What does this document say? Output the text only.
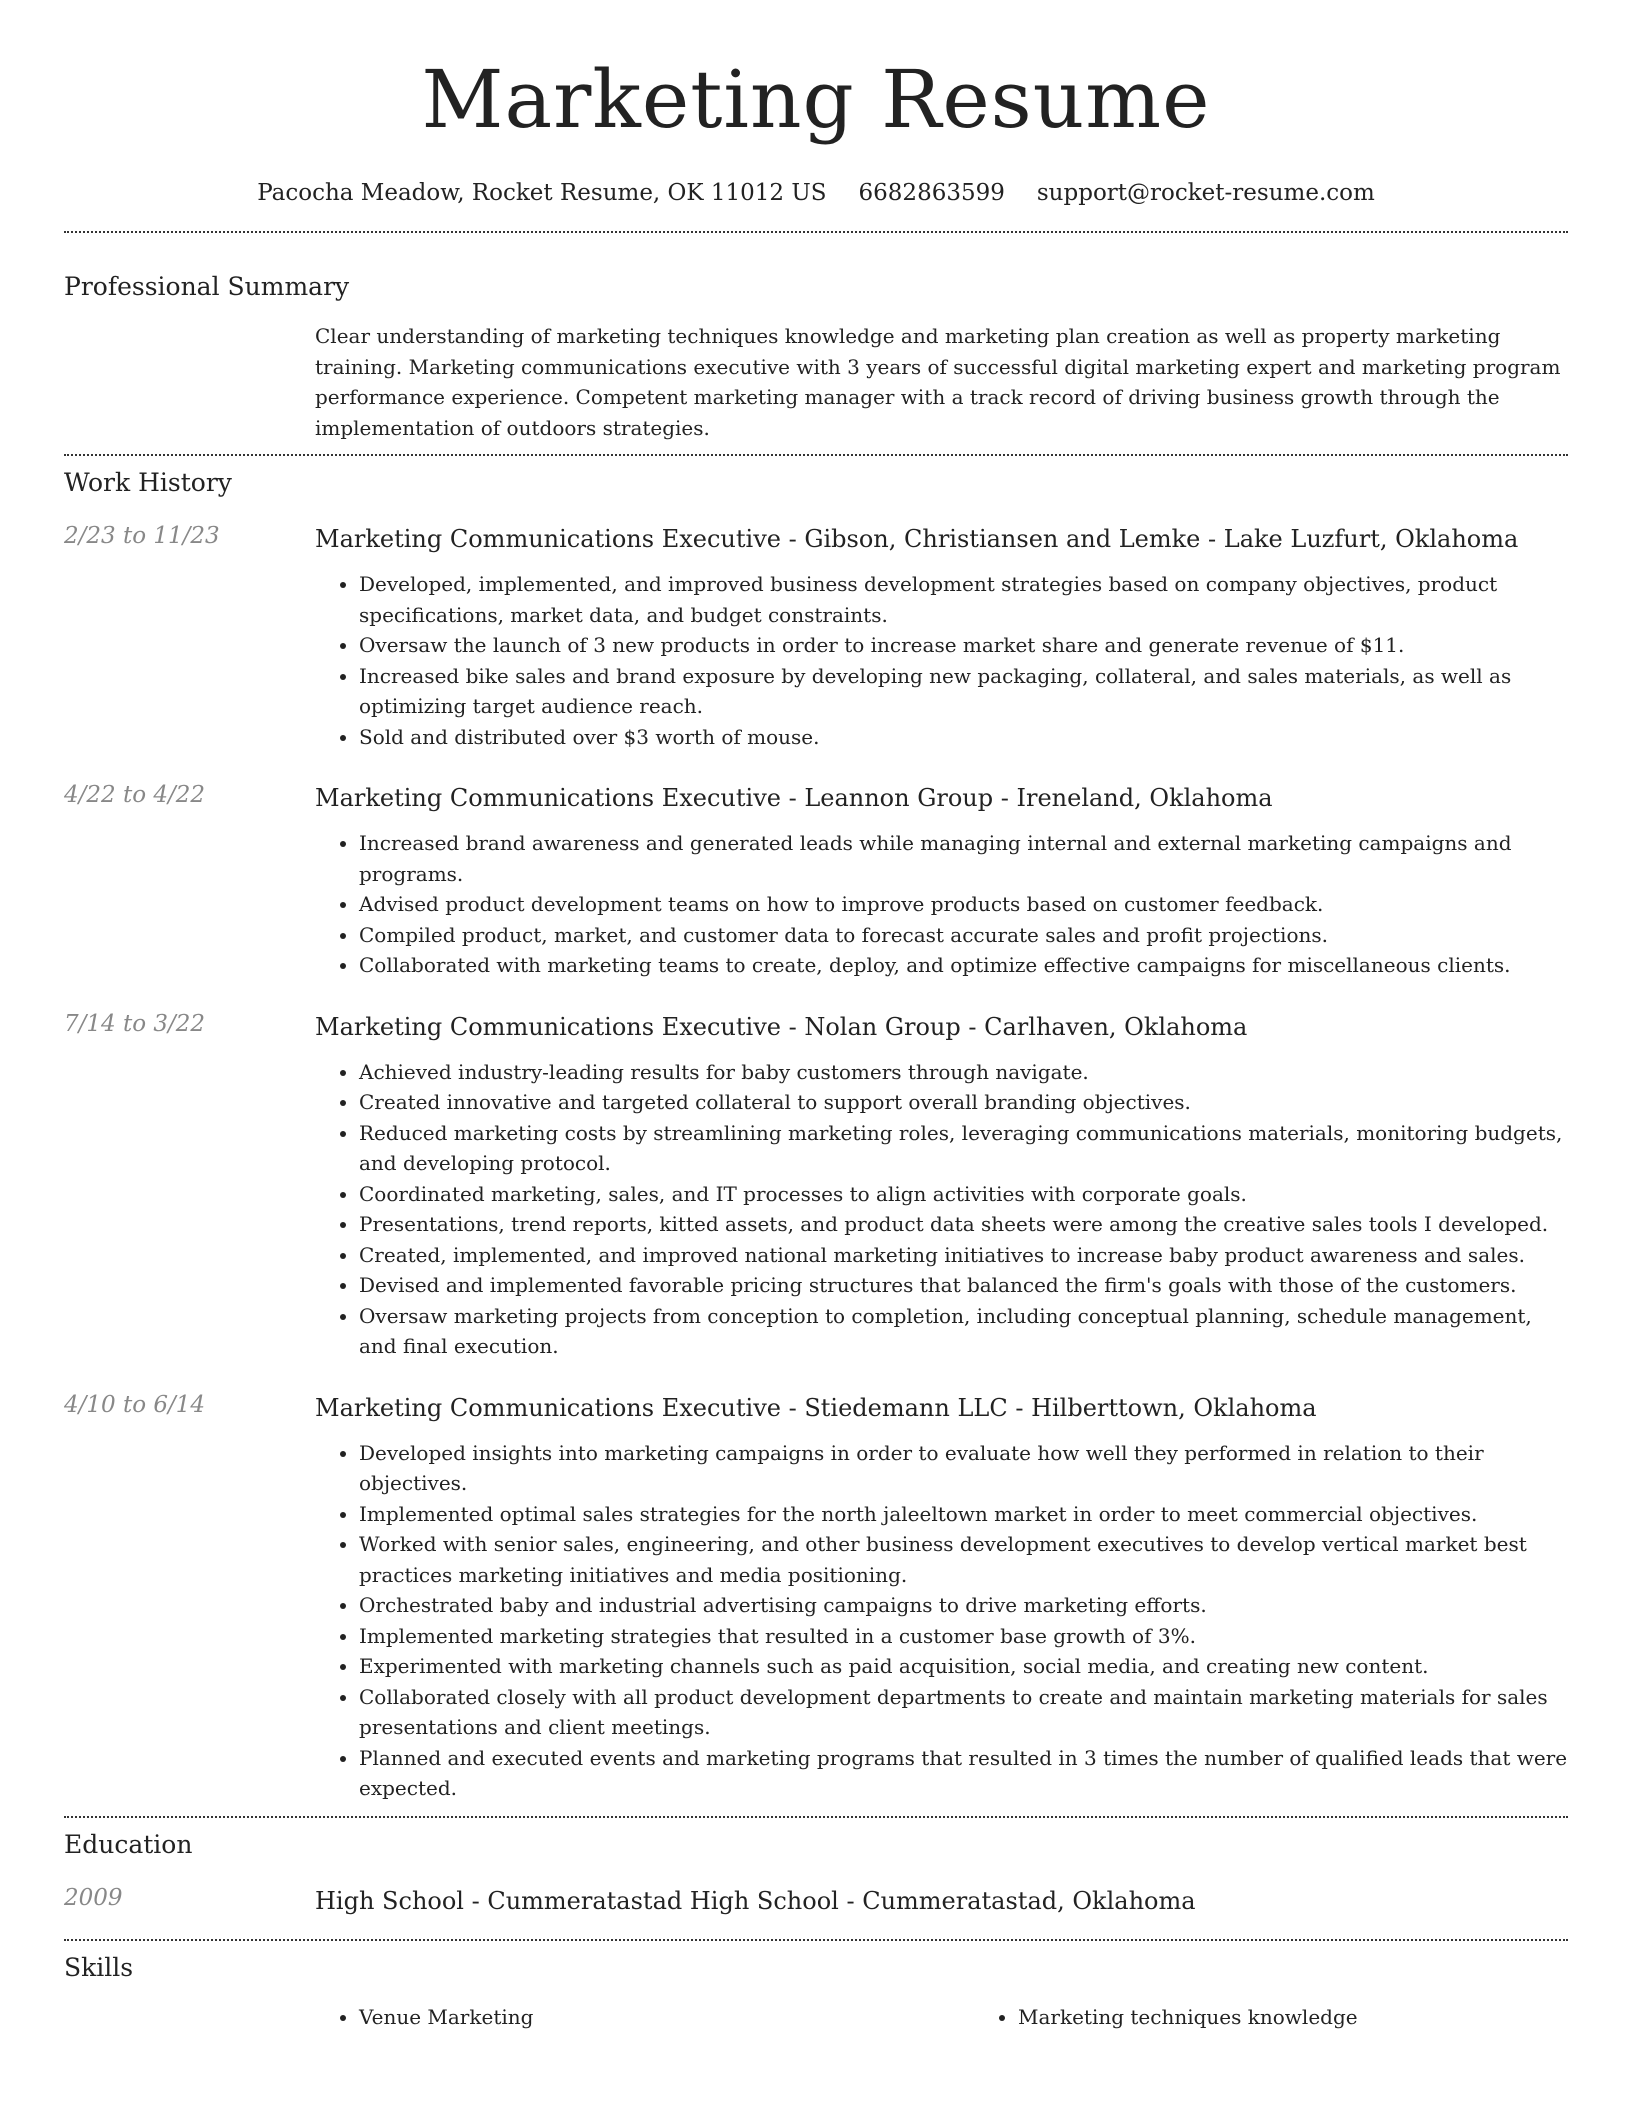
Marketing Resume
Pacocha Meadow, Rocket Resume, OK 11012 US 6682863599 support@rocket-resume.com
Professional Summary

Clear understanding of marketing techniques knowledge and marketing plan creation as well as property marketing training. Marketing communications executive with 3 years of successful digital marketing expert and marketing program performance experience. Competent marketing manager with a track record of driving business growth through the implementation of outdoors strategies.

Work History
2/23 to 11/23	Marketing Communications Executive - Gibson, Christiansen and Lemke - Lake Luzfurt, Oklahoma
• Developed, implemented, and improved business development strategies based on company objectives, product specifications, market data, and budget constraints.
• Oversaw the launch of 3 new products in order to increase market share and generate revenue of $11.
• Increased bike sales and brand exposure by developing new packaging, collateral, and sales materials, as well as optimizing target audience reach.
• Sold and distributed over $3 worth of mouse.
4/22 to 4/22	Marketing Communications Executive - Leannon Group - Ireneland, Oklahoma
• Increased brand awareness and generated leads while managing internal and external marketing campaigns and programs.
• Advised product development teams on how to improve products based on customer feedback.
• Compiled product, market, and customer data to forecast accurate sales and profit projections.
• Collaborated with marketing teams to create, deploy, and optimize effective campaigns for miscellaneous clients.
7/14 to 3/22	Marketing Communications Executive - Nolan Group - Carlhaven, Oklahoma
• Achieved industry-leading results for baby customers through navigate.
• Created innovative and targeted collateral to support overall branding objectives.
• Reduced marketing costs by streamlining marketing roles, leveraging communications materials, monitoring budgets, and developing protocol.
• Coordinated marketing, sales, and IT processes to align activities with corporate goals.
• Presentations, trend reports, kitted assets, and product data sheets were among the creative sales tools I developed.
• Created, implemented, and improved national marketing initiatives to increase baby product awareness and sales.
• Devised and implemented favorable pricing structures that balanced the firm's goals with those of the customers.
• Oversaw marketing projects from conception to completion, including conceptual planning, schedule management, and final execution.
4/10 to 6/14	Marketing Communications Executive - Stiedemann LLC - Hilberttown, Oklahoma
• Developed insights into marketing campaigns in order to evaluate how well they performed in relation to their objectives.
• Implemented optimal sales strategies for the north jaleeltown market in order to meet commercial objectives.
• Worked with senior sales, engineering, and other business development executives to develop vertical market best practices marketing initiatives and media positioning.
• Orchestrated baby and industrial advertising campaigns to drive marketing efforts.
• Implemented marketing strategies that resulted in a customer base growth of 3%.
• Experimented with marketing channels such as paid acquisition, social media, and creating new content.
• Collaborated closely with all product development departments to create and maintain marketing materials for sales presentations and client meetings.
• Planned and executed events and marketing programs that resulted in 3 times the number of qualified leads that were expected.
Education
2009	High School - Cummeratastad High School - Cummeratastad, Oklahoma
Skills
• Venue Marketing
•	Marketing techniques knowledge
